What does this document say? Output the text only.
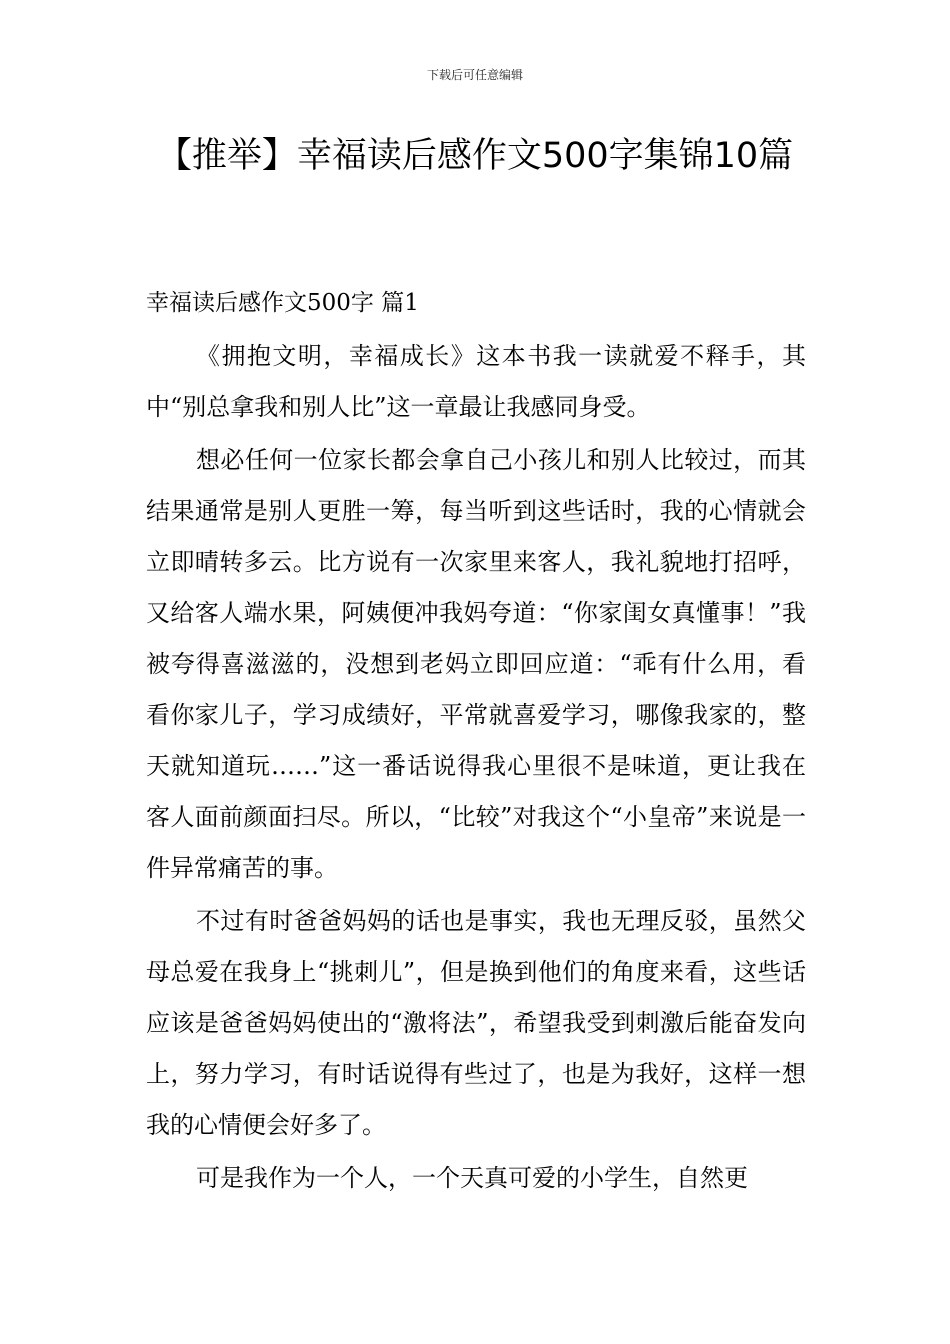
下载后可任意编辑
【推举】幸福读后感作文500字集锦10篇
幸福读后感作文500字 篇1

《拥抱文明，幸福成长》这本书我一读就爱不释手，其中“别总拿我和别人比”这一章最让我感同身受。

想必任何一位家长都会拿自己小孩儿和别人比较过，而其结果通常是别人更胜一筹，每当听到这些话时，我的心情就会立即晴转多云。比方说有一次家里来客人，我礼貌地打招呼，又给客人端水果，阿姨便冲我妈夸道：“你家闺女真懂事！”我被夸得喜滋滋的，没想到老妈立即回应道：“乖有什么用，看看你家儿子，学习成绩好，平常就喜爱学习，哪像我家的，整天就知道玩……”这一番话说得我心里很不是味道，更让我在客人面前颜面扫尽。所以，“比较”对我这个“小皇帝”来说是一件异常痛苦的事。

不过有时爸爸妈妈的话也是事实，我也无理反驳，虽然父母总爱在我身上“挑刺儿”，但是换到他们的角度来看，这些话应该是爸爸妈妈使出的“激将法”，希望我受到刺激后能奋发向上，努力学习，有时话说得有些过了，也是为我好，这样一想我的心情便会好多了。

可是我作为一个人，一个天真可爱的小学生，自然更
